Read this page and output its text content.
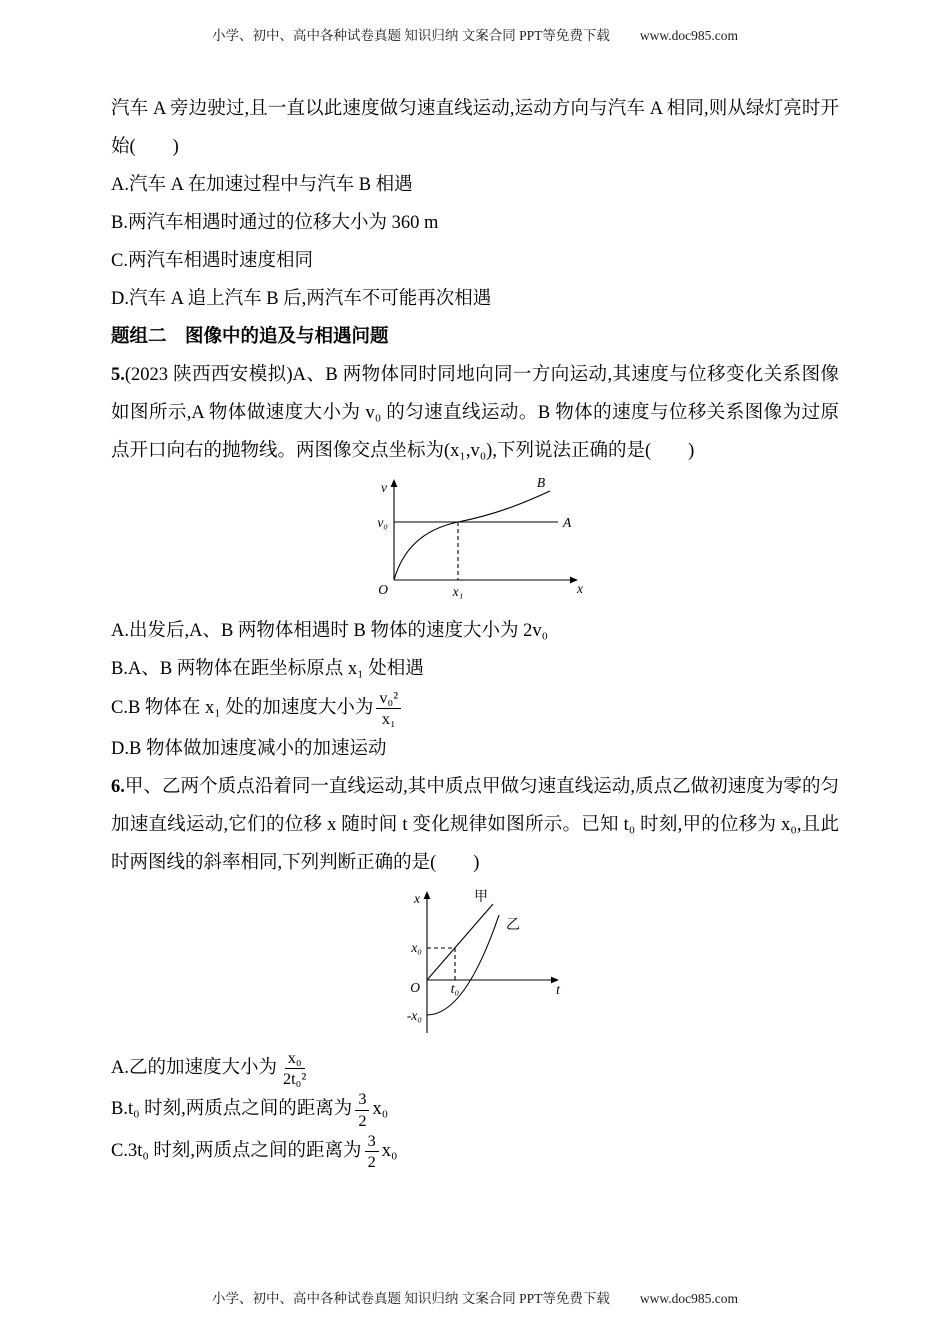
小学、初中、高中各种试卷真题 知识归纳 文案合同 PPT等免费下载 www.doc985.com

汽车 A 旁边驶过,且一直以此速度做匀速直线运动,运动方向与汽车 A 相同,则从绿灯亮时开始(　　)

A.汽车 A 在加速过程中与汽车 B 相遇

B.两汽车相遇时通过的位移大小为 360 m

C.两汽车相遇时速度相同

D.汽车 A 追上汽车 B 后,两汽车不可能再次相遇

题组二　图像中的追及与相遇问题

5.(2023 陕西西安模拟)A、B 两物体同时同地向同一方向运动,其速度与位移变化关系图像如图所示,A 物体做速度大小为 v₀ 的匀速直线运动。B 物体的速度与位移关系图像为过原点开口向右的抛物线。两图像交点坐标为(x₁,v₀),下列说法正确的是(　　)

v
x
v₀
O	x₁
B
A

A.出发后,A、B 两物体相遇时 B 物体的速度大小为 2v₀

B.A、B 两物体在距坐标原点 x₁ 处相遇

C.B 物体在 x₁ 处的加速度大小为 $\frac{\text{v₀²}}{\text{x₁}}$

D.B 物体做加速度减小的加速运动

6.甲、乙两个质点沿着同一直线运动,其中质点甲做匀速直线运动,质点乙做初速度为零的匀加速直线运动,它们的位移 x 随时间 t 变化规律如图所示。已知 t₀ 时刻,甲的位移为 x₀,且此时两图线的斜率相同,下列判断正确的是(　　)

x
t
x₀
t₀
-x₀
O
甲
乙

A.乙的加速度大小为 $\frac{\text{x₀}}{\text{2t₀²}}$

B.t₀ 时刻,两质点之间的距离为 $\frac{3}{2} x_0$

C.3t₀ 时刻,两质点之间的距离为 $\frac{3}{2} x_0$

小学、初中、高中各种试卷真题 知识归纳 文案合同 PPT等免费下载 www.doc985.com
